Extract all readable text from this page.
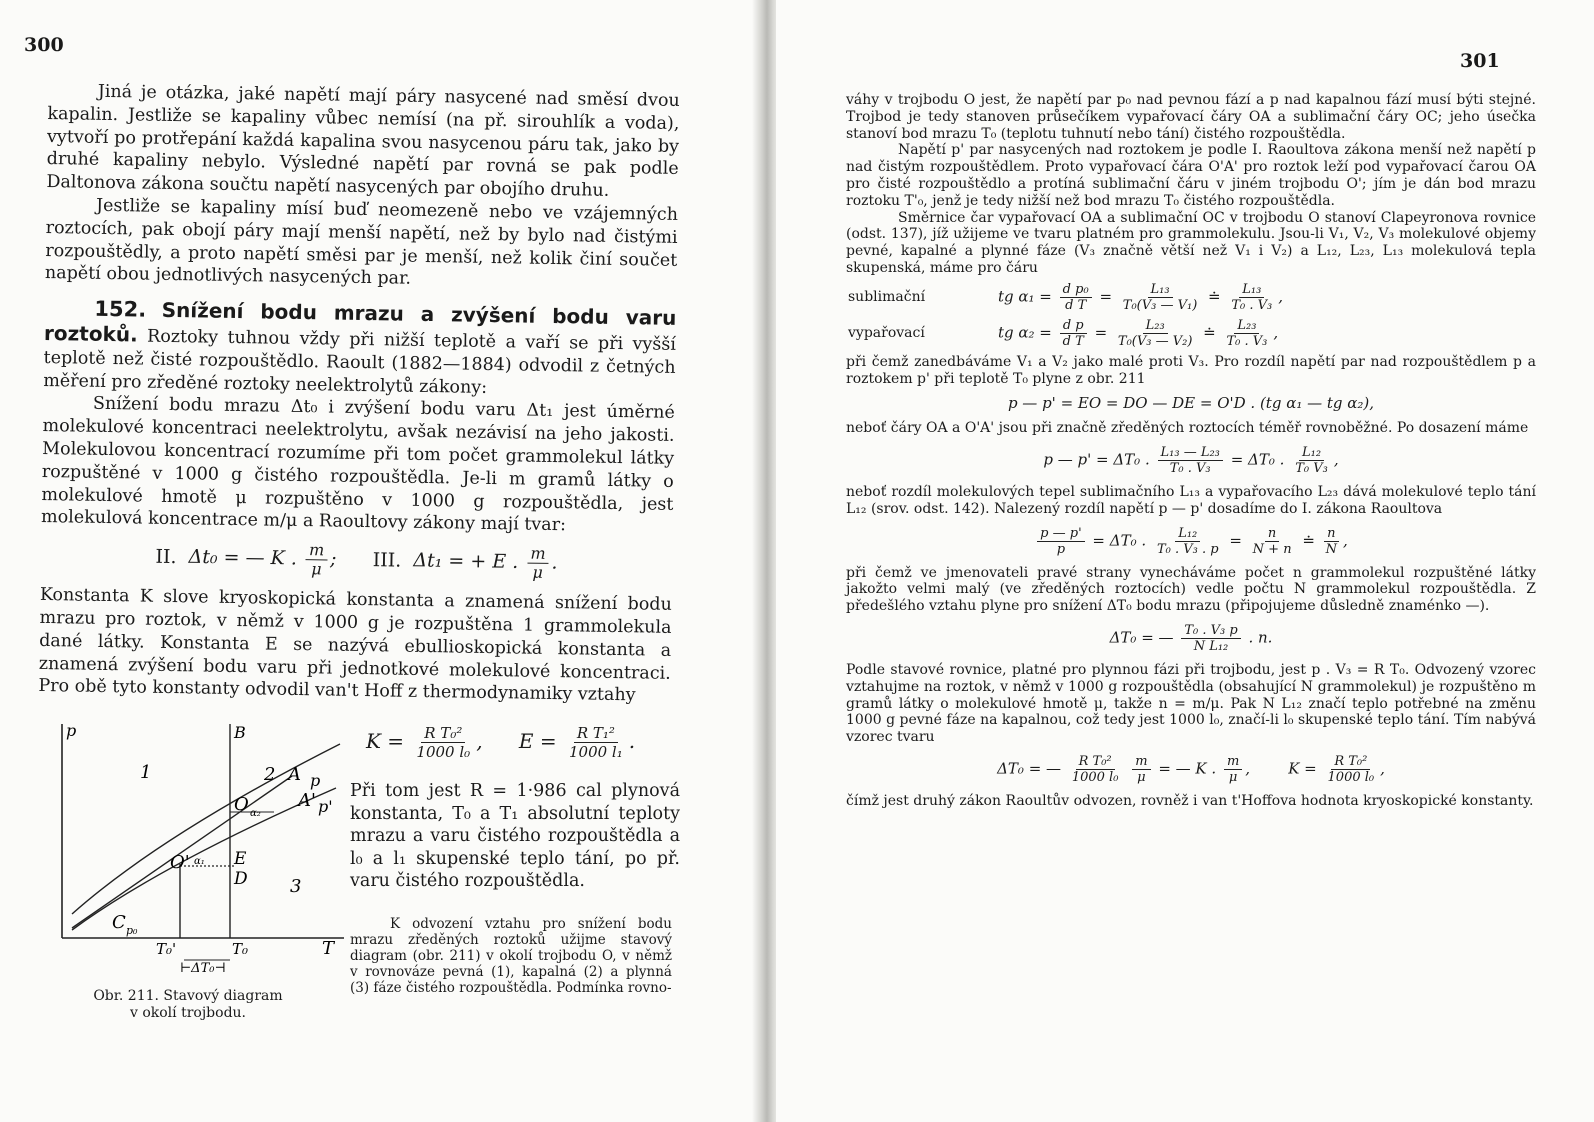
300

Jiná je otázka, jaké napětí mají páry nasycené nad směsí dvou kapalin. Jestliže se kapaliny vůbec nemísí (na př. sirouhlík a voda), vytvoří po protřepání každá kapalina svou nasycenou páru tak, jako by druhé kapaliny nebylo. Výsledné napětí par rovná se pak podle Daltonova zákona součtu napětí nasycených par obojího druhu.

Jestliže se kapaliny mísí buď neomezeně nebo ve vzájemných roztocích, pak obojí páry mají menší napětí, než by bylo nad čistými rozpouštědly, a proto napětí směsi par je menší, než kolik činí součet napětí obou jednotlivých nasycených par.

152. Snížení bodu mrazu a zvýšení bodu varu roztoků. Roztoky tuhnou vždy při nižší teplotě a vaří se při vyšší teplotě než čisté rozpouštědlo. Raoult (1882—1884) odvodil z četných měření pro zředěné roztoky neelektrolytů zákony:

Snížení bodu mrazu Δt₀ i zvýšení bodu varu Δt₁ jest úměrné molekulové koncentraci neelektrolytu, avšak nezávisí na jeho jakosti. Molekulovou koncentrací rozumíme při tom počet grammolekul látky rozpuštěné v 1000 g čistého rozpouštědla. Je-li m gramů látky o molekulové hmotě μ rozpuštěno v 1000 g rozpouštědla, jest molekulová koncentrace m/μ a Raoultovy zákony mají tvar:

II. Δt₀ = — K . $\frac{m}{\mu}$ ;      III. Δt₁ = + E . $\frac{m}{\mu}$ .

Konstanta K slove kryoskopická konstanta a znamená snížení bodu mrazu pro roztok, v němž v 1000 g je rozpuštěna 1 grammolekula dané látky. Konstanta E se nazývá ebullioskopická konstanta a znamená zvýšení bodu varu při jednotkové molekulové koncentraci. Pro obě tyto konstanty odvodil van't Hoff z thermodynamiky vztahy

p	B
1	2 A p
A' p'
O α₂
O' α₁ E
D 3
C p₀
T₀'	T₀	T
⊢ΔT₀⊣
Obr. 211. Stavový diagram
v okolí trojbodu.
$K = \frac{\text{R T₀²}}{\text{1000 l₀}}$ , $E = \frac{\text{R T₁²}}{\text{1000 l₁}}$ .

Při tom jest R = 1·986 cal plynová konstanta, T₀ a T₁ absolutní teploty mrazu a varu čistého rozpouštědla a l₀ a l₁ skupenské teplo tání, po př. varu čistého rozpouštědla.

K odvození vztahu pro snížení bodu mrazu zředěných roztoků užijme stavový diagram (obr. 211) v okolí trojbodu O, v němž v rovnováze pevná (1), kapalná (2) a plynná (3) fáze čistého rozpouštědla. Podmínka rovno-

301

váhy v trojbodu O jest, že napětí par p₀ nad pevnou fází a p nad kapalnou fází musí býti stejné. Trojbod je tedy stanoven průsečíkem vypařovací čáry OA a sublimační čáry OC; jeho úsečka stanoví bod mrazu T₀ (teplotu tuhnutí nebo tání) čistého rozpouštědla.

Napětí p' par nasycených nad roztokem je podle I. Raoultova zákona menší než napětí p nad čistým rozpouštědlem. Proto vypařovací čára O'A' pro roztok leží pod vypařovací čarou OA pro čisté rozpouštědlo a protíná sublimační čáru v jiném trojbodu O'; jím je dán bod mrazu roztoku T'₀, jenž je tedy nižší než bod mrazu T₀ čistého rozpouštědla.

Směrnice čar vypařovací OA a sublimační OC v trojbodu O stanoví Clapeyronova rovnice (odst. 137), jíž užijeme ve tvaru platném pro grammolekulu. Jsou-li V₁, V₂, V₃ molekulové objemy pevné, kapalné a plynné fáze (V₃ značně větší než V₁ i V₂) a L₁₂, L₂₃, L₁₃ molekulová tepla skupenská, máme pro čáru

sublimační	tg $\alpha_1 = \frac{\text{d p₀}}{\text{d T}} = \frac{\text{L₁₃}}{\text{T₀(V₃ — V₁)}}$ ≐ $\frac{\text{L₁₃}}{\text{T₀ . V₃}}$ ,
vypařovací	tg $\alpha_2 = \frac{\text{d p}}{\text{d T}} = \frac{\text{L₂₃}}{\text{T₀(V₃ — V₂)}}$ ≐ $\frac{\text{L₂₃}}{\text{T₀ . V₃}}$ ,

při čemž zanedbáváme V₁ a V₂ jako malé proti V₃. Pro rozdíl napětí par nad rozpouštědlem p a roztokem p' při teplotě T₀ plyne z obr. 211

p — p' = EO = DO — DE = O'D . (tg α₁ — tg α₂),

neboť čáry OA a O'A' jsou při značně zředěných roztocích téměř rovnoběžné. Po dosazení máme

p — p' = ΔT₀ . $\frac{\text{L₁₃ — L₂₃}}{\text{T₀ . V₃}} = \Delta T_0$ . $\frac{\text{L₁₂}}{\text{T₀ V₃}}$ ,

neboť rozdíl molekulových tepel sublimačního L₁₃ a vypařovacího L₂₃ dává molekulové teplo tání L₁₂ (srov. odst. 142). Nalezený rozdíl napětí p — p' dosadíme do I. zákona Raoultova

$\frac{p — p'}{p} = \Delta T_0$ . $\frac{\text{L₁₂}}{\text{T₀ . V₃ . p}} = \frac{n}{N + n}$ ≐ $\frac{n}{N}$ ,

při čemž ve jmenovateli pravé strany vynecháváme počet n grammolekul rozpuštěné látky jakožto velmi malý (ve zředěných roztocích) vedle počtu N grammolekul rozpouštědla. Z předešlého vztahu plyne pro snížení ΔT₀ bodu mrazu (připojujeme důsledně znaménko —).

ΔT₀ = — $\frac{\text{T₀ . V₃ p}}{\text{N L₁₂}}$ . n.

Podle stavové rovnice, platné pro plynnou fázi při trojbodu, jest p . V₃ = R T₀. Odvozený vzorec vztahujme na roztok, v němž v 1000 g rozpouštědla (obsahující N grammolekul) je rozpuštěno m gramů látky o molekulové hmotě μ, takže n = m/μ. Pak N L₁₂ značí teplo potřebné na změnu 1000 g pevné fáze na kapalnou, což tedy jest 1000 l₀, značí-li l₀ skupenské teplo tání. Tím nabývá vzorec tvaru

ΔT₀ = — $\frac{\text{R T₀²}}{\text{1000 l₀}}$
$\frac{m}{\mu}$ = — K . $\frac{m}{\mu}$ ,        $K = \frac{\text{R T₀²}}{\text{1000 l₀}}$ ,

čímž jest druhý zákon Raoultův odvozen, rovněž i van t'Hoffova hodnota kryoskopické konstanty.
